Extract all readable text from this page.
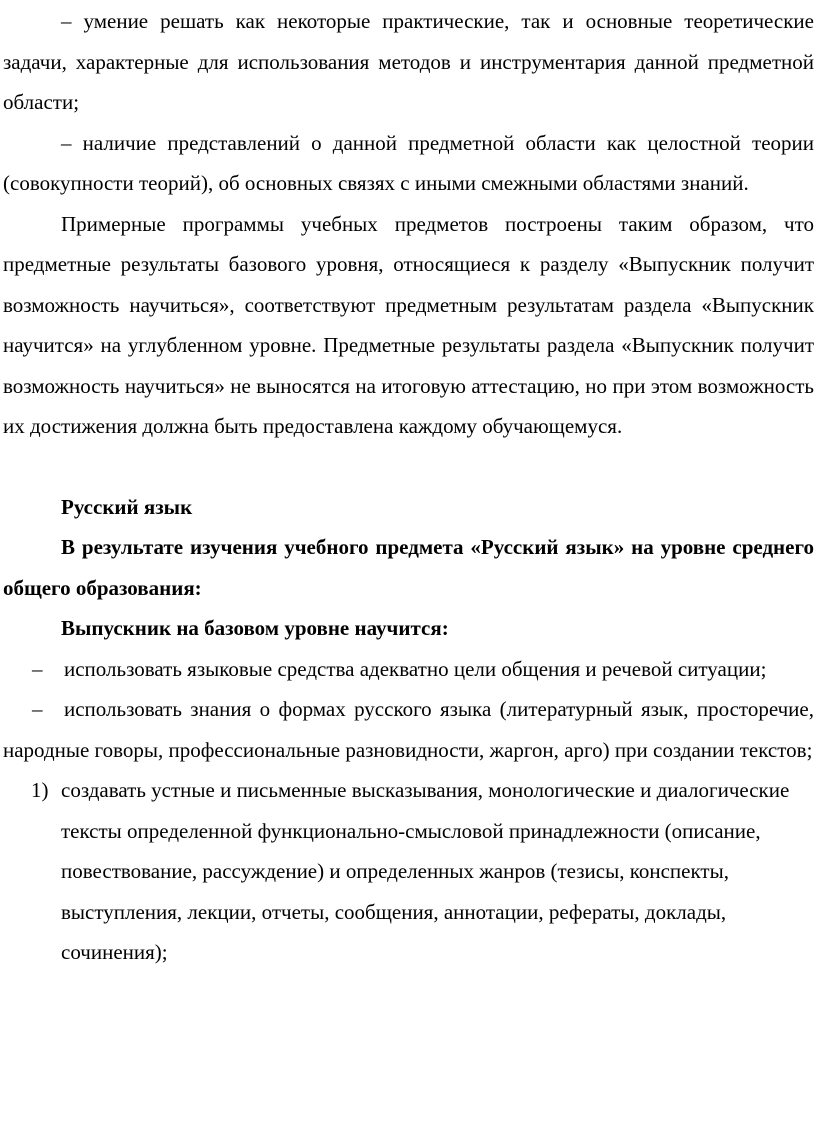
– умение решать как некоторые практические, так и основные теоретические задачи, характерные для использования методов и инструментария данной предметной области;

– наличие представлений о данной предметной области как целостной теории (совокупности теорий), об основных связях с иными смежными областями знаний.

Примерные программы учебных предметов построены таким образом, что предметные результаты базового уровня, относящиеся к разделу «Выпускник получит возможность научиться», соответствуют предметным результатам раздела «Выпускник научится» на углубленном уровне. Предметные результаты раздела «Выпускник получит возможность научиться» не выносятся на итоговую аттестацию, но при этом возможность их достижения должна быть предоставлена каждому обучающемуся.

Русский язык

В результате изучения учебного предмета «Русский язык» на уровне среднего общего образования:

Выпускник на базовом уровне научится:

– использовать языковые средства адекватно цели общения и речевой ситуации;

– использовать знания о формах русского языка (литературный язык, просторечие, народные говоры, профессиональные разновидности, жаргон, арго) при создании текстов;

1) создавать устные и письменные высказывания, монологические и диалогические тексты определенной функционально-смысловой принадлежности (описание, повествование, рассуждение) и определенных жанров (тезисы, конспекты, выступления, лекции, отчеты, сообщения, аннотации, рефераты, доклады, сочинения);
